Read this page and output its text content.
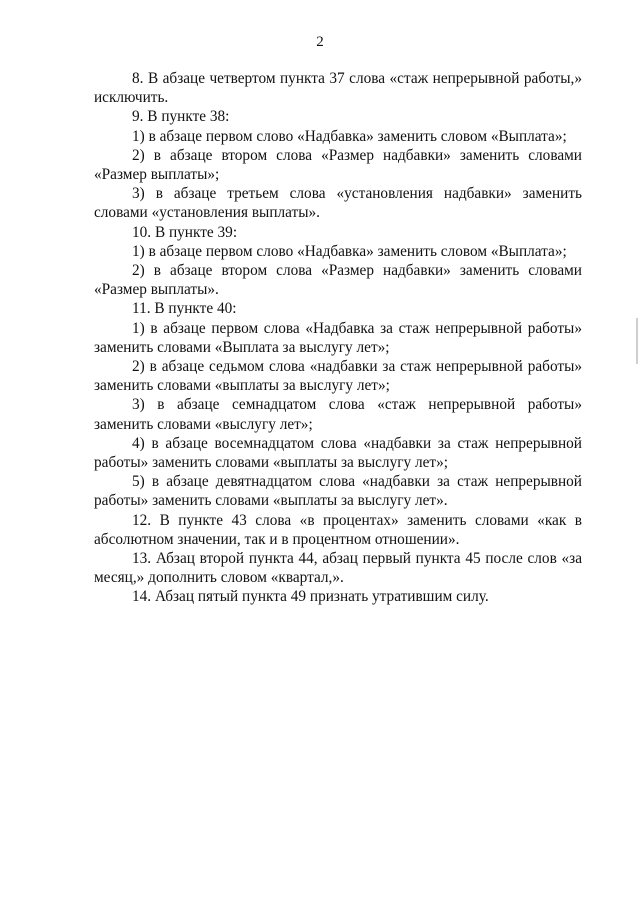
2

8. В абзаце четвертом пункта 37 слова «стаж непрерывной работы,» исключить.

9. В пункте 38:

1) в абзаце первом слово «Надбавка» заменить словом «Выплата»;

2) в абзаце втором слова «Размер надбавки» заменить словами «Размер выплаты»;

3) в абзаце третьем слова «установления надбавки» заменить словами «установления выплаты».

10. В пункте 39:

1) в абзаце первом слово «Надбавка» заменить словом «Выплата»;

2) в абзаце втором слова «Размер надбавки» заменить словами «Размер выплаты».

11. В пункте 40:

1) в абзаце первом слова «Надбавка за стаж непрерывной работы» заменить словами «Выплата за выслугу лет»;

2) в абзаце седьмом слова «надбавки за стаж непрерывной работы» заменить словами «выплаты за выслугу лет»;

3) в абзаце семнадцатом слова «стаж непрерывной работы» заменить словами «выслугу лет»;

4) в абзаце восемнадцатом слова «надбавки за стаж непрерывной работы» заменить словами «выплаты за выслугу лет»;

5) в абзаце девятнадцатом слова «надбавки за стаж непрерывной работы» заменить словами «выплаты за выслугу лет».

12. В пункте 43 слова «в процентах» заменить словами «как в абсолютном значении, так и в процентном отношении».

13. Абзац второй пункта 44, абзац первый пункта 45 после слов «за месяц,» дополнить словом «квартал,».

14. Абзац пятый пункта 49 признать утратившим силу.
